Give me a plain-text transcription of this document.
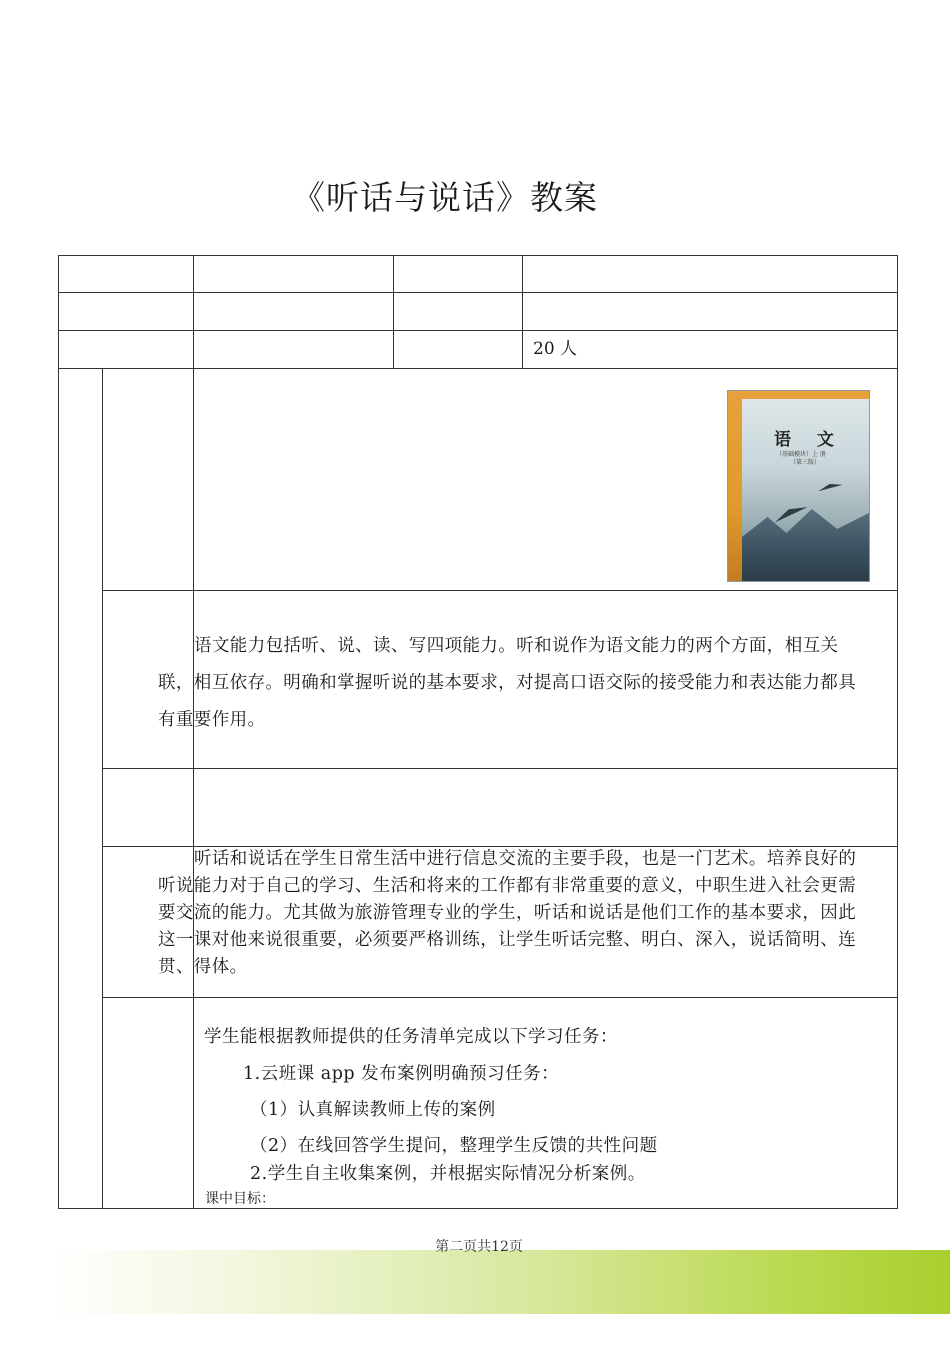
《听话与说话》教案
20 人
语 文
（基础模块）上 册
（第三版）
语文能力包括听、说、读、写四项能力。听和说作为语文能力的两个方面，相互关联，相互依存。明确和掌握听说的基本要求，对提高口语交际的接受能力和表达能力都具有重要作用。
听话和说话在学生日常生活中进行信息交流的主要手段，也是一门艺术。培养良好的听说能力对于自己的学习、生活和将来的工作都有非常重要的意义，中职生进入社会更需要交流的能力。尤其做为旅游管理专业的学生，听话和说话是他们工作的基本要求，因此这一课对他来说很重要，必须要严格训练，让学生听话完整、明白、深入，说话简明、连贯、得体。
学生能根据教师提供的任务清单完成以下学习任务：
1.云班课 app 发布案例明确预习任务：
（1）认真解读教师上传的案例
（2）在线回答学生提问，整理学生反馈的共性问题
2.学生自主收集案例，并根据实际情况分析案例。
课中目标：
第二页共12页
